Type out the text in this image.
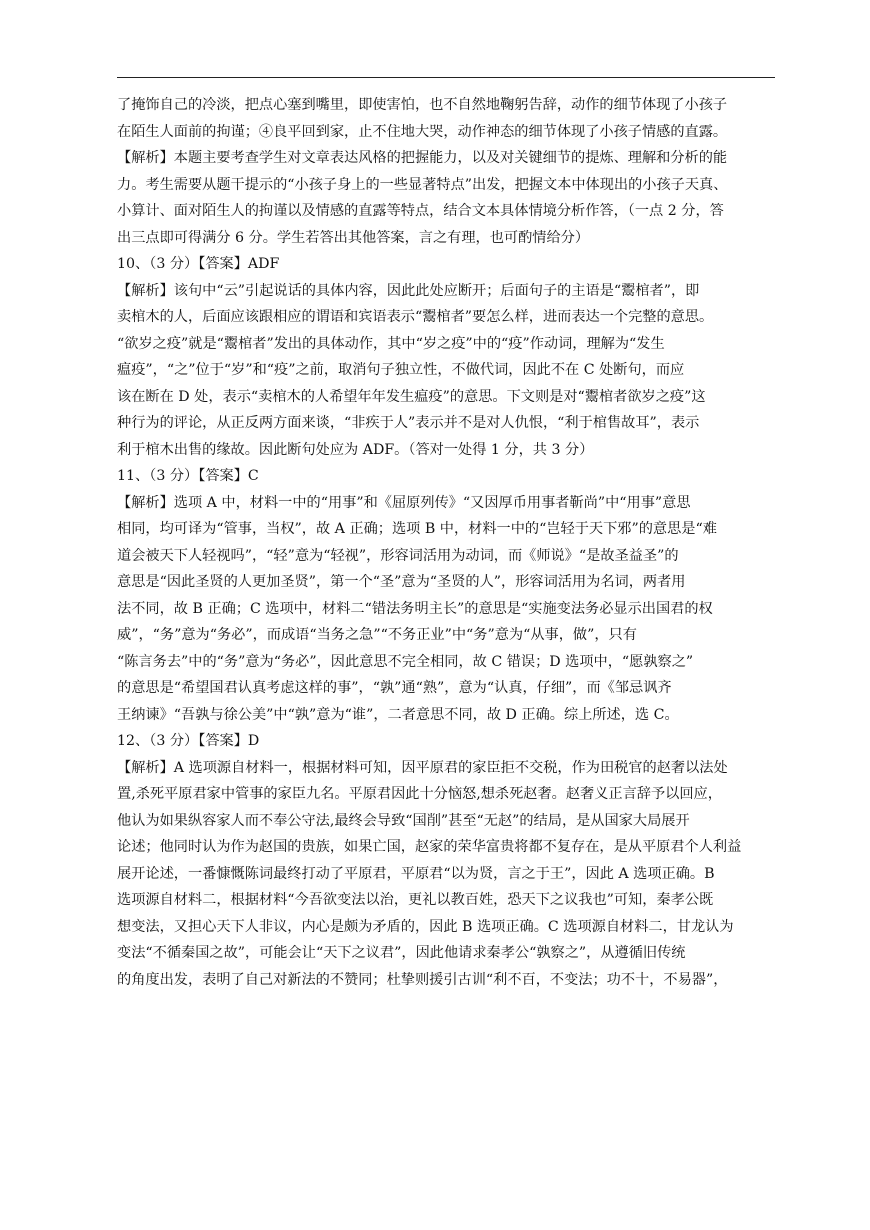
了掩饰自己的冷淡，把点心塞到嘴里，即使害怕，也不自然地鞠躬告辞，动作的细节体现了小孩子
在陌生人面前的拘谨；④良平回到家，止不住地大哭，动作神态的细节体现了小孩子情感的直露。
【解析】本题主要考查学生对文章表达风格的把握能力，以及对关键细节的提炼、理解和分析的能
力。考生需要从题干提示的“小孩子身上的一些显著特点”出发，把握文本中体现出的小孩子天真、
小算计、面对陌生人的拘谨以及情感的直露等特点，结合文本具体情境分析作答，（一点 2 分，答
出三点即可得满分 6 分。学生若答出其他答案，言之有理，也可酌情给分）
10、（3 分）【答案】ADF
【解析】该句中“云”引起说话的具体内容，因此此处应断开；后面句子的主语是“鬻棺者”，即
卖棺木的人，后面应该跟相应的谓语和宾语表示“鬻棺者”要怎么样，进而表达一个完整的意思。
“欲岁之疫”就是“鬻棺者”发出的具体动作，其中“岁之疫”中的“疫”作动词，理解为“发生
瘟疫”，“之”位于“岁”和“疫”之前，取消句子独立性，不做代词，因此不在 C 处断句，而应
该在断在 D 处，表示“卖棺木的人希望年年发生瘟疫”的意思。下文则是对“鬻棺者欲岁之疫”这
种行为的评论，从正反两方面来谈，“非疾于人”表示并不是对人仇恨，“利于棺售故耳”，表示
利于棺木出售的缘故。因此断句处应为 ADF。（答对一处得 1 分，共 3 分）
11、（3 分）【答案】C
【解析】选项 A 中，材料一中的“用事”和《屈原列传》“又因厚币用事者靳尚”中“用事”意思
相同，均可译为“管事，当权”，故 A 正确；选项 B 中，材料一中的“岂轻于天下邪”的意思是“难
道会被天下人轻视吗”，“轻”意为“轻视”，形容词活用为动词，而《师说》“是故圣益圣”的
意思是“因此圣贤的人更加圣贤”，第一个“圣”意为“圣贤的人”，形容词活用为名词，两者用
法不同，故 B 正确；C 选项中，材料二“错法务明主长”的意思是“实施变法务必显示出国君的权
威”，“务”意为“务必”，而成语“当务之急”“不务正业”中“务”意为“从事，做”，只有
“陈言务去”中的“务”意为“务必”，因此意思不完全相同，故 C 错误；D 选项中，“愿孰察之”
的意思是“希望国君认真考虑这样的事”，“孰”通“熟”，意为“认真，仔细”，而《邹忌讽齐
王纳谏》“吾孰与徐公美”中“孰”意为“谁”，二者意思不同，故 D 正确。综上所述，选 C。
12、（3 分）【答案】D
【解析】A 选项源自材料一，根据材料可知，因平原君的家臣拒不交税，作为田税官的赵奢以法处
置,杀死平原君家中管事的家臣九名。平原君因此十分恼怒,想杀死赵奢。赵奢义正言辞予以回应，
他认为如果纵容家人而不奉公守法,最终会导致“国削”甚至“无赵”的结局，是从国家大局展开
论述；他同时认为作为赵国的贵族，如果亡国，赵家的荣华富贵将都不复存在，是从平原君个人利益
展开论述，一番慷慨陈词最终打动了平原君，平原君“以为贤，言之于王”，因此 A 选项正确。B
选项源自材料二，根据材料“今吾欲变法以治，更礼以教百姓，恐天下之议我也”可知，秦孝公既
想变法，又担心天下人非议，内心是颇为矛盾的，因此 B 选项正确。C 选项源自材料二，甘龙认为
变法“不循秦国之故”，可能会让“天下之议君”，因此他请求秦孝公“孰察之”，从遵循旧传统
的角度出发，表明了自己对新法的不赞同；杜挚则援引古训“利不百，不变法；功不十，不易器”，
